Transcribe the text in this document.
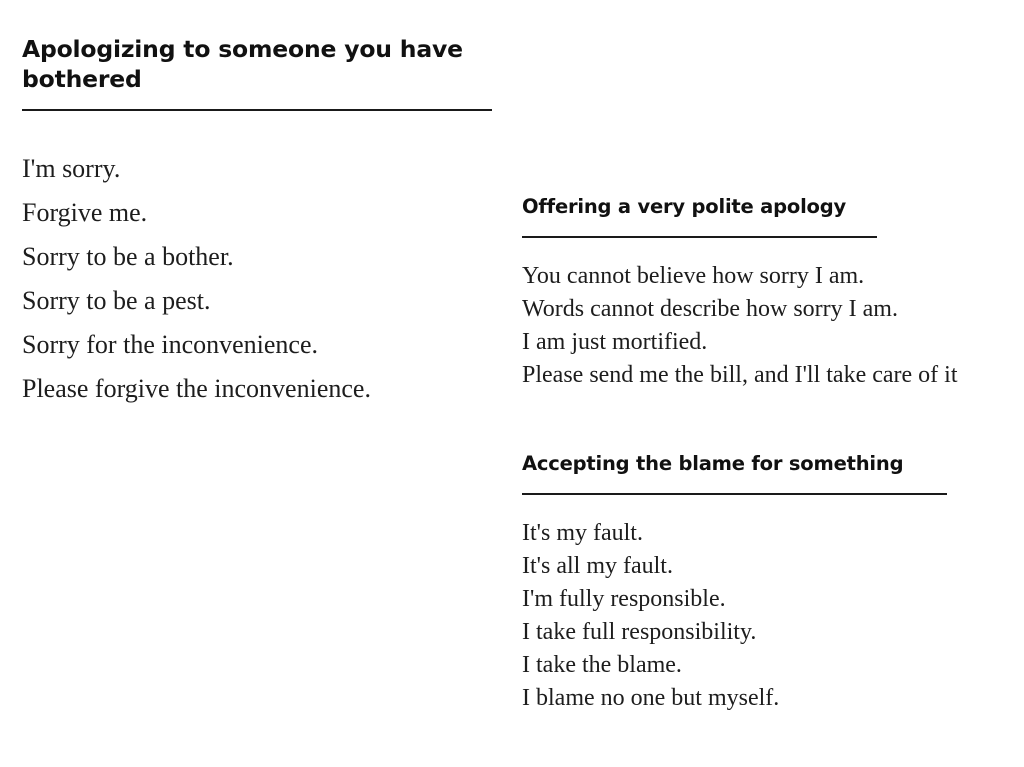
Apologizing to someone you have bothered
I'm sorry.
Forgive me.
Sorry to be a bother.
Sorry to be a pest.
Sorry for the inconvenience.
Please forgive the inconvenience.
Offering a very polite apology
You cannot believe how sorry I am.
Words cannot describe how sorry I am.
I am just mortified.
Please send me the bill, and I'll take care of it
Accepting the blame for something
It's my fault.
It's all my fault.
I'm fully responsible.
I take full responsibility.
I take the blame.
I blame no one but myself.
